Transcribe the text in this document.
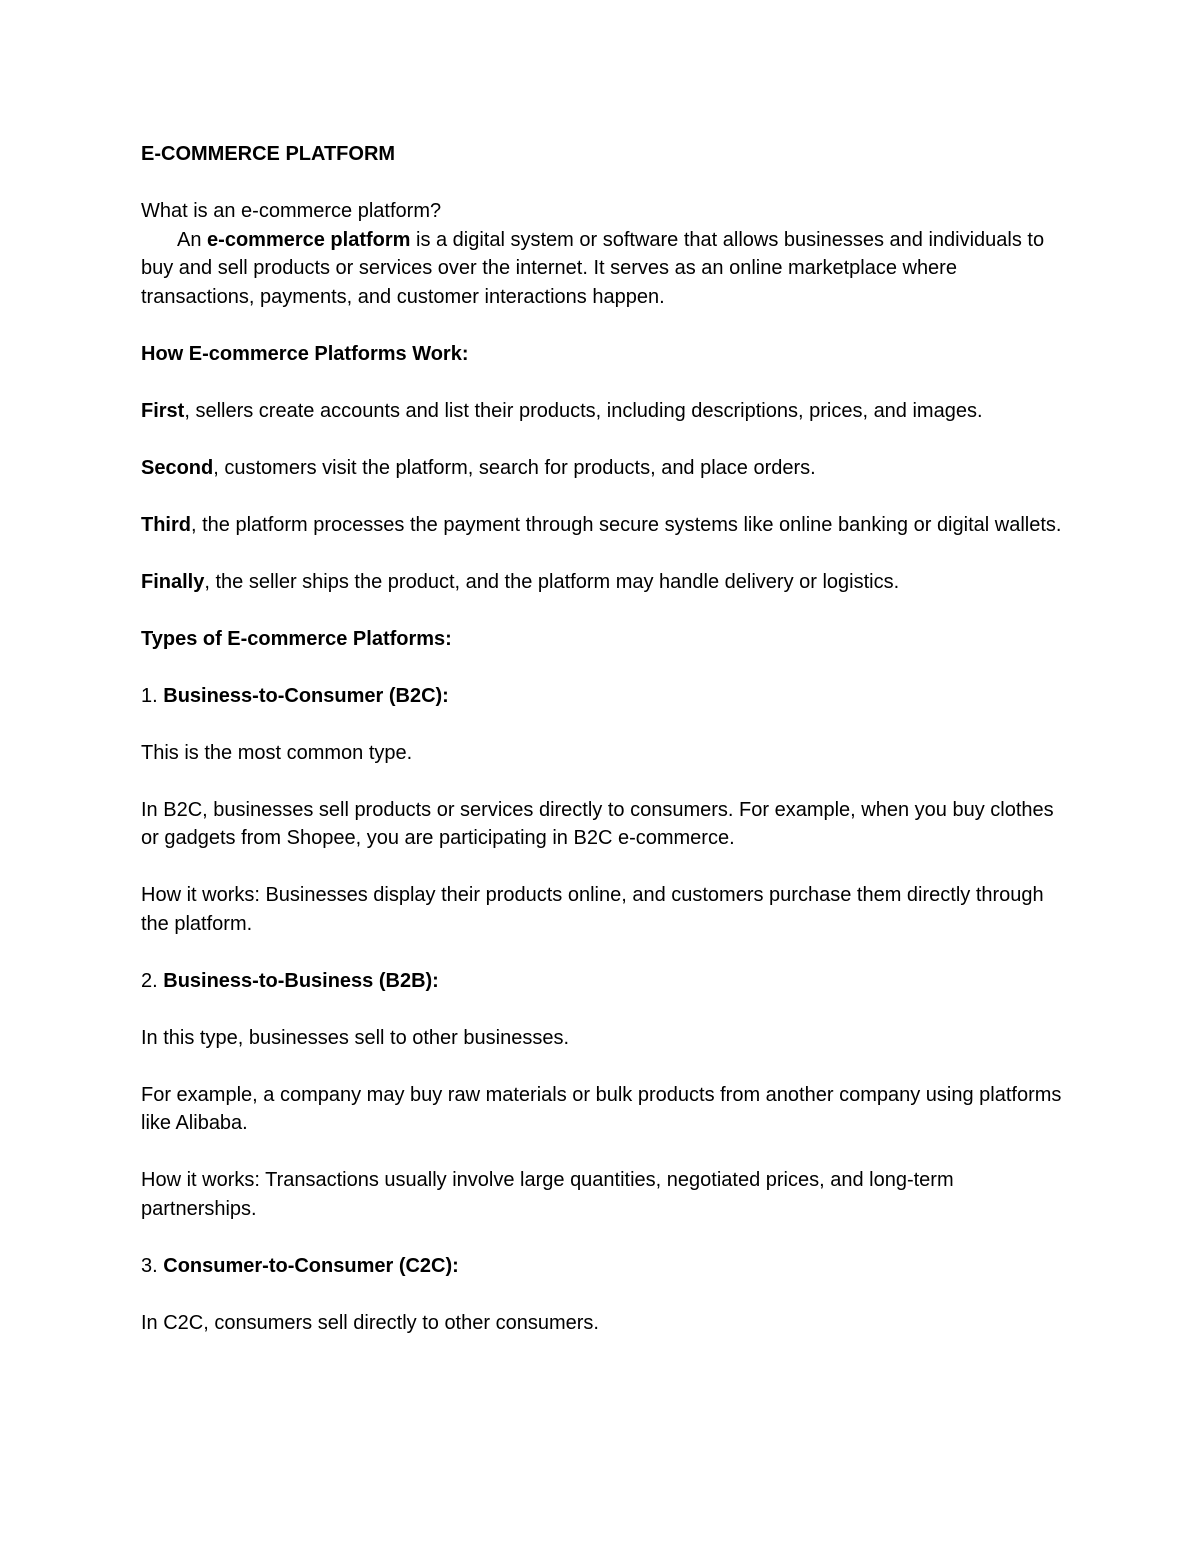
E-COMMERCE PLATFORM

What is an e-commerce platform?

An e-commerce platform is a digital system or software that allows businesses and individuals to buy and sell products or services over the internet. It serves as an online marketplace where transactions, payments, and customer interactions happen.

How E-commerce Platforms Work:

First, sellers create accounts and list their products, including descriptions, prices, and images.

Second, customers visit the platform, search for products, and place orders.

Third, the platform processes the payment through secure systems like online banking or digital wallets.

Finally, the seller ships the product, and the platform may handle delivery or logistics.

Types of E-commerce Platforms:

1. Business-to-Consumer (B2C):

This is the most common type.

In B2C, businesses sell products or services directly to consumers. For example, when you buy clothes or gadgets from Shopee, you are participating in B2C e-commerce.

How it works: Businesses display their products online, and customers purchase them directly through the platform.

2. Business-to-Business (B2B):

In this type, businesses sell to other businesses.

For example, a company may buy raw materials or bulk products from another company using platforms like Alibaba.

How it works: Transactions usually involve large quantities, negotiated prices, and long-term partnerships.

3. Consumer-to-Consumer (C2C):

In C2C, consumers sell directly to other consumers.
